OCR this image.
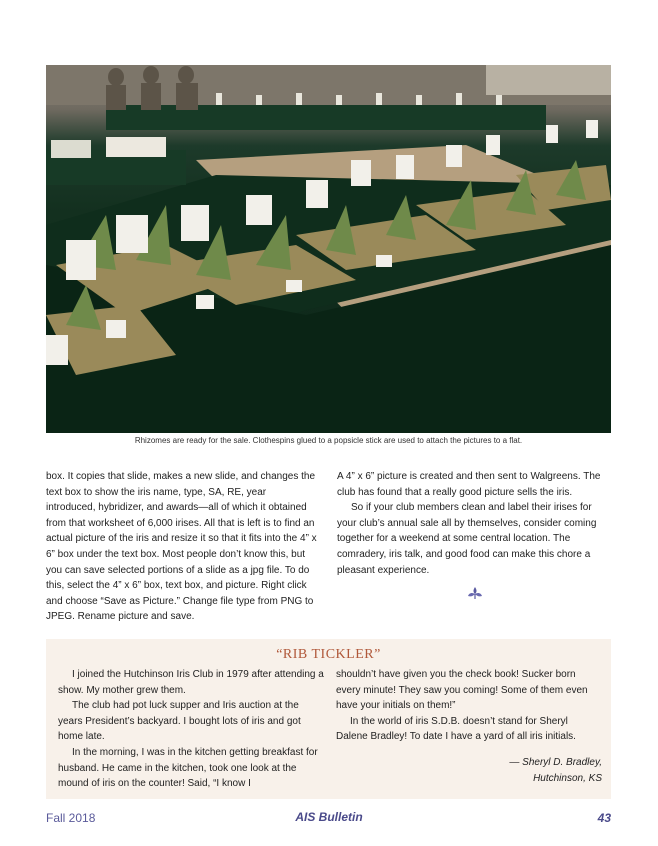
Rhizomes are ready for the sale. Clothespins glued to a popsicle stick are used to attach the pictures to a flat.

box. It copies that slide, makes a new slide, and changes the text box to show the iris name, type, SA, RE, year introduced, hybridizer, and awards—all of which it obtained from that worksheet of 6,000 irises. All that is left is to find an actual picture of the iris and resize it so that it fits into the 4” x 6” box under the text box. Most people don’t know this, but you can save selected portions of a slide as a jpg file. To do this, select the 4” x 6” box, text box, and picture. Right click and choose “Save as Picture.” Change file type from PNG to JPEG. Rename picture and save.

A 4” x 6” picture is created and then sent to Walgreens. The club has found that a really good picture sells the iris.

So if your club members clean and label their irises for your club’s annual sale all by themselves, consider coming together for a weekend at some central location. The comradery, iris talk, and good food can make this chore a pleasant experience.

“RIB TICKLER”

I joined the Hutchinson Iris Club in 1979 after attending a show. My mother grew them.

The club had pot luck supper and Iris auction at the years President’s backyard. I bought lots of iris and got home late.

In the morning, I was in the kitchen getting breakfast for husband. He came in the kitchen, took one look at the mound of iris on the counter! Said, “I know I

shouldn’t have given you the check book! Sucker born every minute! They saw you coming! Some of them even have your initials on them!”

In the world of iris S.D.B. doesn’t stand for Sheryl Dalene Bradley! To date I have a yard of all iris initials.

— Sheryl D. Bradley,

Hutchinson, KS

Fall 2018	AIS Bulletin	43
